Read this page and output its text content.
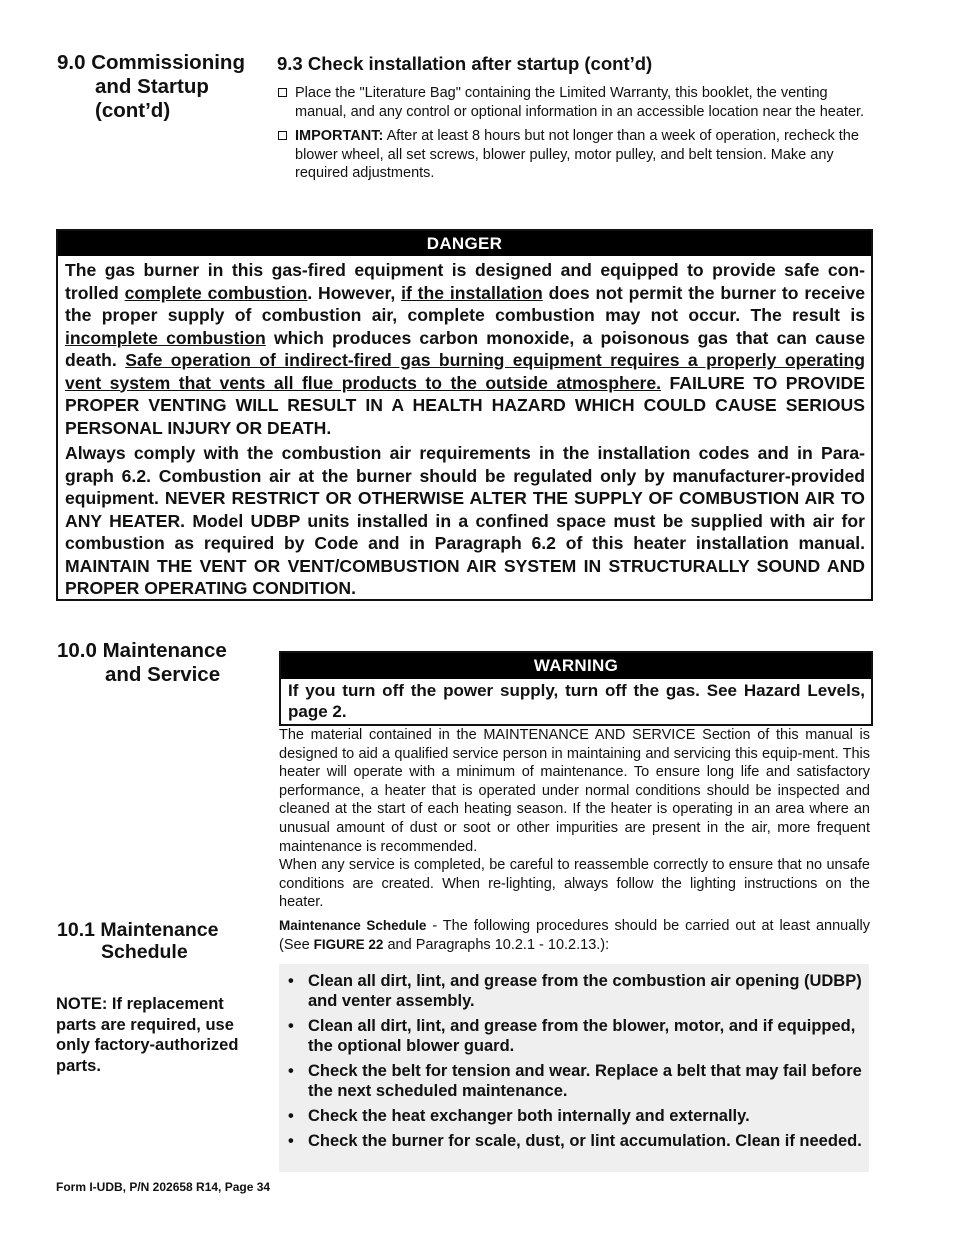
9.0 Commissioning
and Startup
(cont’d)
9.3 Check installation after startup (cont’d)
Place the "Literature Bag" containing the Limited Warranty, this booklet, the venting manual, and any control or optional information in an accessible location near the heater.
IMPORTANT: After at least 8 hours but not longer than a week of operation, recheck the blower wheel, all set screws, blower pulley, motor pulley, and belt tension. Make any required adjustments.
DANGER

The gas burner in this gas-fired equipment is designed and equipped to provide safe con-trolled complete combustion. However, if the installation does not permit the burner to receive the proper supply of combustion air, complete combustion may not occur. The result is incomplete combustion which produces carbon monoxide, a poisonous gas that can cause death. Safe operation of indirect-fired gas burning equipment requires a properly operating vent system that vents all flue products to the outside atmosphere. FAILURE TO PROVIDE PROPER VENTING WILL RESULT IN A HEALTH HAZARD WHICH COULD CAUSE SERIOUS PERSONAL INJURY OR DEATH.

Always comply with the combustion air requirements in the installation codes and in Para-graph 6.2. Combustion air at the burner should be regulated only by manufacturer-provided equipment. NEVER RESTRICT OR OTHERWISE ALTER THE SUPPLY OF COMBUSTION AIR TO ANY HEATER. Model UDBP units installed in a confined space must be supplied with air for combustion as required by Code and in Paragraph 6.2 of this heater installation manual. MAINTAIN THE VENT OR VENT/COMBUSTION AIR SYSTEM IN STRUCTURALLY SOUND AND PROPER OPERATING CONDITION.

10.0 Maintenance
and Service	WARNING
If you turn off the power supply, turn off the gas. See Hazard Levels, page 2.
The material contained in the MAINTENANCE AND SERVICE Section of this manual is designed to aid a qualified service person in maintaining and servicing this equip-ment. This heater will operate with a minimum of maintenance. To ensure long life and satisfactory performance, a heater that is operated under normal conditions should be inspected and cleaned at the start of each heating season. If the heater is operating in an area where an unusual amount of dust or soot or other impurities are present in the air, more frequent maintenance is recommended.
When any service is completed, be careful to reassemble correctly to ensure that no unsafe conditions are created. When re-lighting, always follow the lighting instructions on the heater.
10.1 Maintenance
Schedule
NOTE: If replacement parts are required, use only factory-authorized parts.
Maintenance Schedule - The following procedures should be carried out at least annually (See FIGURE 22 and Paragraphs 10.2.1 - 10.2.13.):
• Clean all dirt, lint, and grease from the combustion air opening (UDBP) and venter assembly.
• Clean all dirt, lint, and grease from the blower, motor, and if equipped, the optional blower guard.
• Check the belt for tension and wear. Replace a belt that may fail before the next scheduled maintenance.
• Check the heat exchanger both internally and externally.
• Check the burner for scale, dust, or lint accumulation. Clean if needed.
Form I-UDB, P/N 202658 R14, Page 34
